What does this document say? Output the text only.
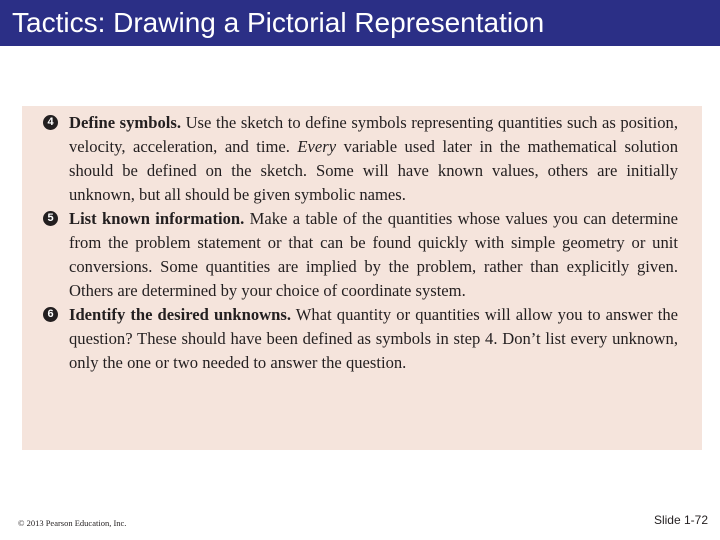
Tactics: Drawing a Pictorial Representation
4 Define symbols. Use the sketch to define symbols representing quantities such as position, velocity, acceleration, and time. Every variable used later in the mathematical solution should be defined on the sketch. Some will have known values, others are initially unknown, but all should be given symbolic names.
5 List known information. Make a table of the quantities whose values you can determine from the problem statement or that can be found quickly with simple geometry or unit conversions. Some quantities are implied by the problem, rather than explicitly given. Others are determined by your choice of coordinate system.
6 Identify the desired unknowns. What quantity or quantities will allow you to answer the question? These should have been defined as symbols in step 4. Don’t list every unknown, only the one or two needed to answer the question.
© 2013 Pearson Education, Inc.	Slide 1-72
